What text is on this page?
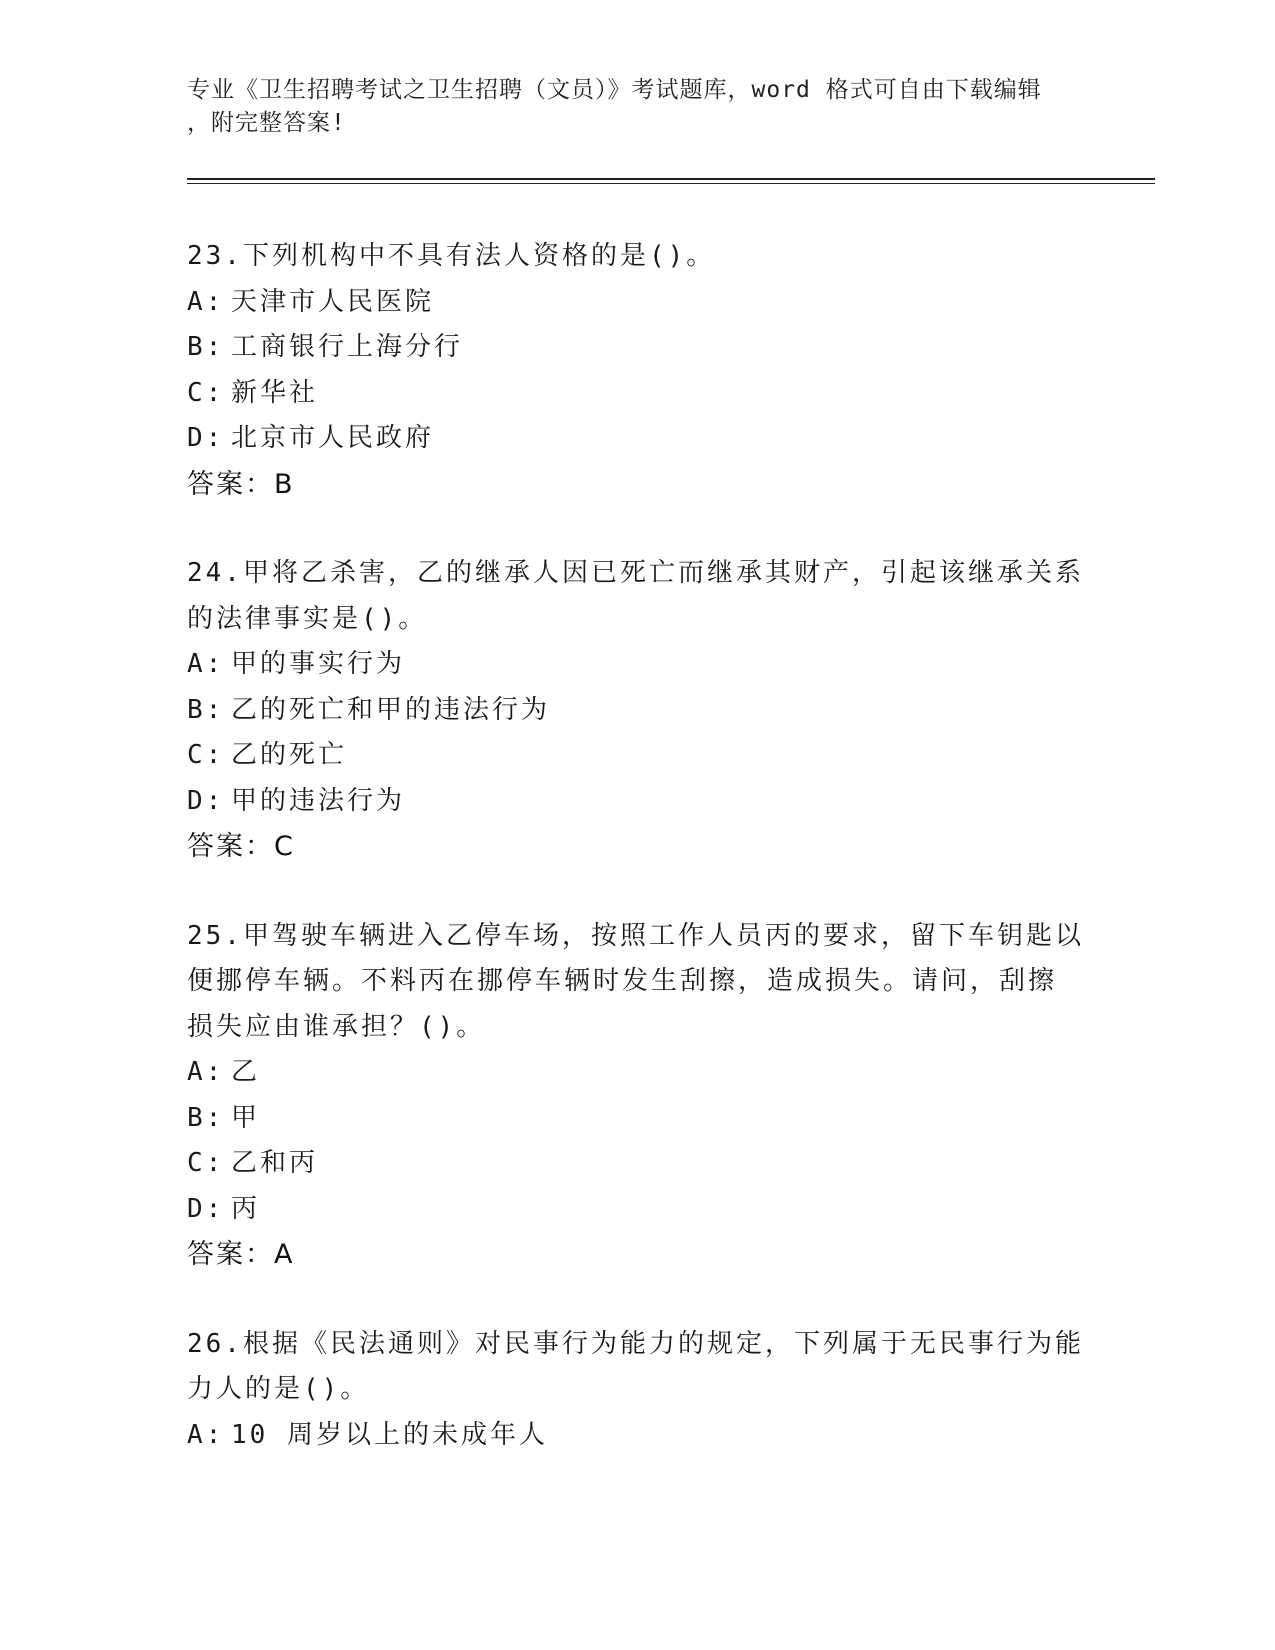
专业《卫生招聘考试之卫生招聘（文员）》考试题库，word 格式可自由下载编辑
，附完整答案!
23.下列机构中不具有法人资格的是()。
A: 天津市人民医院
B: 工商银行上海分行
C: 新华社
D: 北京市人民政府
答案：B
24.甲将乙杀害，乙的继承人因已死亡而继承其财产，引起该继承关系
的法律事实是()。
A: 甲的事实行为
B: 乙的死亡和甲的违法行为
C: 乙的死亡
D: 甲的违法行为
答案：C
25.甲驾驶车辆进入乙停车场，按照工作人员丙的要求，留下车钥匙以
便挪停车辆。不料丙在挪停车辆时发生刮擦，造成损失。请问，刮擦
损失应由谁承担？()。
A: 乙
B: 甲
C: 乙和丙
D: 丙
答案：A
26.根据《民法通则》对民事行为能力的规定，下列属于无民事行为能
力人的是()。
A: 10 周岁以上的未成年人
